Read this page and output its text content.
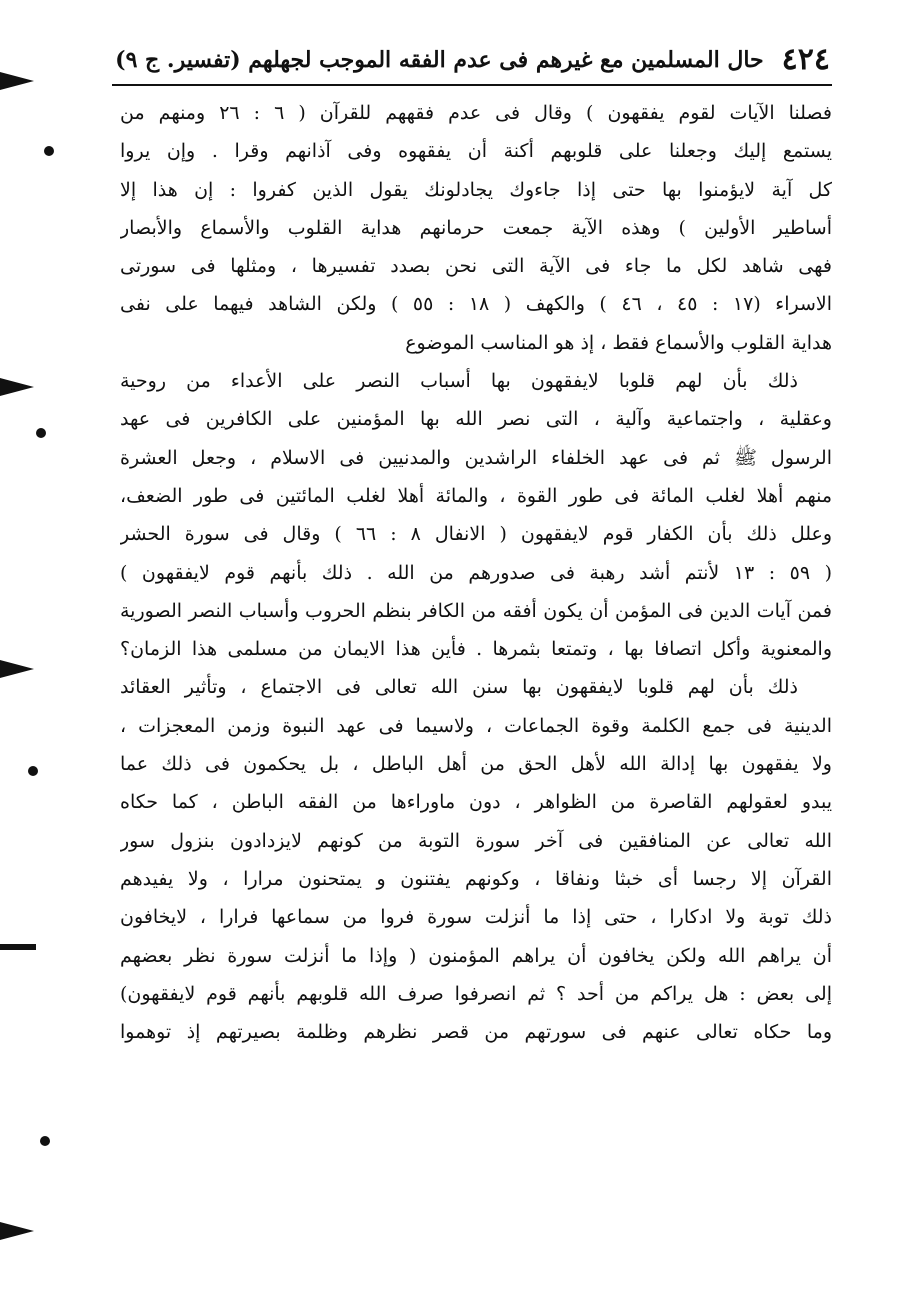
٤٢٤
حال المسلمين مع غيرهم فى عدم الفقه الموجب لجهلهم (تفسير. ج ٩)
فصلنا الآيات لقوم يفقهون ) وقال فى عدم فقههم للقرآن ( ٦ : ٢٦ ومنهم من
يستمع إليك وجعلنا على قلوبهم أكنة أن يفقهوه وفى آذانهم وقرا . وإن يروا
كل آية لايؤمنوا بها حتى إذا جاءوك يجادلونك يقول الذين كفروا : إن هذا إلا
أساطير الأولين ) وهذه الآية جمعت حرمانهم هداية القلوب والأسماع والأبصار
فهى شاهد لكل ما جاء فى الآية التى نحن بصدد تفسيرها ، ومثلها فى سورتى
الاسراء (١٧ : ٤٥ ، ٤٦ ) والكهف ( ١٨ : ٥٥ ) ولكن الشاهد فيهما على نفى
هداية القلوب والأسماع فقط ، إذ هو المناسب الموضوع
ذلك بأن لهم قلوبا لايفقهون بها أسباب النصر على الأعداء من روحية
وعقلية ، واجتماعية وآلية ، التى نصر الله بها المؤمنين على الكافرين فى عهد
الرسول ﷺ ثم فى عهد الخلفاء الراشدين والمدنيين فى الاسلام ، وجعل العشرة
منهم أهلا لغلب المائة فى طور القوة ، والمائة أهلا لغلب المائتين فى طور الضعف،
وعلل ذلك بأن الكفار قوم لايفقهون ( الانفال ٨ : ٦٦ ) وقال فى سورة الحشر
( ٥٩ : ١٣ لأنتم أشد رهبة فى صدورهم من الله . ذلك بأنهم قوم لايفقهون )
فمن آيات الدين فى المؤمن أن يكون أفقه من الكافر بنظم الحروب وأسباب النصر الصورية
والمعنوية وأكل اتصافا بها ، وتمتعا بثمرها . فأين هذا الايمان من مسلمى هذا الزمان؟
ذلك بأن لهم قلوبا لايفقهون بها سنن الله تعالى فى الاجتماع ، وتأثير العقائد
الدينية فى جمع الكلمة وقوة الجماعات ، ولاسيما فى عهد النبوة وزمن المعجزات ،
ولا يفقهون بها إدالة الله لأهل الحق من أهل الباطل ، بل يحكمون فى ذلك عما
يبدو لعقولهم القاصرة من الظواهر ، دون ماوراءها من الفقه الباطن ، كما حكاه
الله تعالى عن المنافقين فى آخر سورة التوبة من كونهم لايزدادون بنزول سور
القرآن إلا رجسا أى خبثا ونفاقا ، وكونهم يفتنون و يمتحنون مرارا ، ولا يفيدهم
ذلك توبة ولا ادكارا ، حتى إذا ما أنزلت سورة فروا من سماعها فرارا ، لايخافون
أن يراهم الله ولكن يخافون أن يراهم المؤمنون ( وإذا ما أنزلت سورة نظر بعضهم
إلى بعض : هل يراكم من أحد ؟ ثم انصرفوا صرف الله قلوبهم بأنهم قوم لايفقهون)
وما حكاه تعالى عنهم فى سورتهم من قصر نظرهم وظلمة بصيرتهم إذ توهموا
